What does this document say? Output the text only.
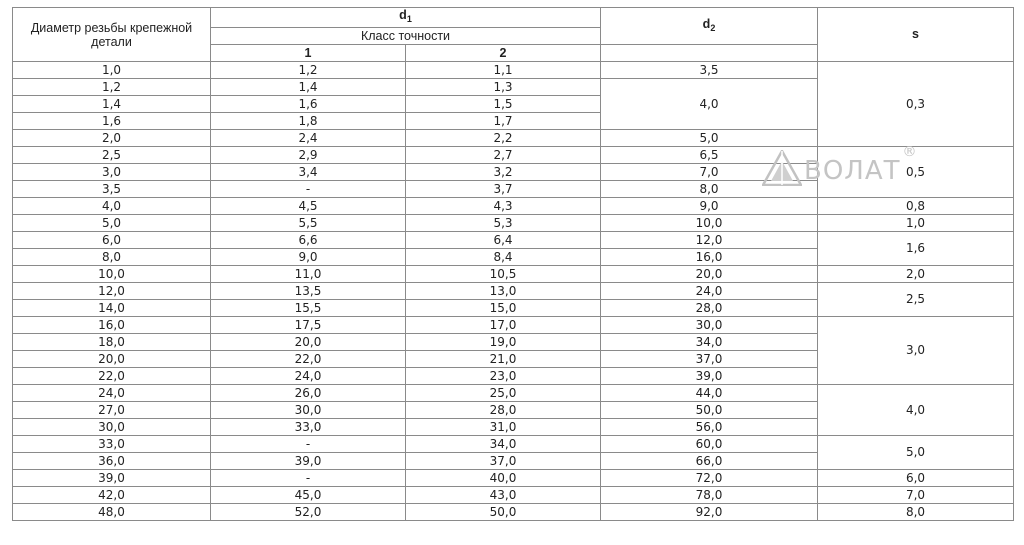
Диаметр резьбы крепежной детали	$d_1$		$d_2$	s
	Класс точности			
	1	2		
1,0	1,2	1,1	3,5	0,3
1,2	1,4	1,3	4,0	
1,4	1,6	1,5		
1,6	1,8	1,7		
2,0	2,4	2,2	5,0	
2,5	2,9	2,7	6,5	0,5
3,0	3,4	3,2	7,0	
3,5	-	3,7	8,0	
4,0	4,5	4,3	9,0	0,8
5,0	5,5	5,3	10,0	1,0
6,0	6,6	6,4	12,0	1,6
8,0	9,0	8,4	16,0	
10,0	11,0	10,5	20,0	2,0
12,0	13,5	13,0	24,0	2,5
14,0	15,5	15,0	28,0	
16,0	17,5	17,0	30,0	3,0
18,0	20,0	19,0	34,0	
20,0	22,0	21,0	37,0	
22,0	24,0	23,0	39,0	
24,0	26,0	25,0	44,0	4,0
27,0	30,0	28,0	50,0	
30,0	33,0	31,0	56,0	
33,0	-	34,0	60,0	5,0
36,0	39,0	37,0	66,0	
39,0	-	40,0	72,0	6,0
42,0	45,0	43,0	78,0	7,0
48,0	52,0	50,0	92,0	8,0
ВОЛАТ
®
